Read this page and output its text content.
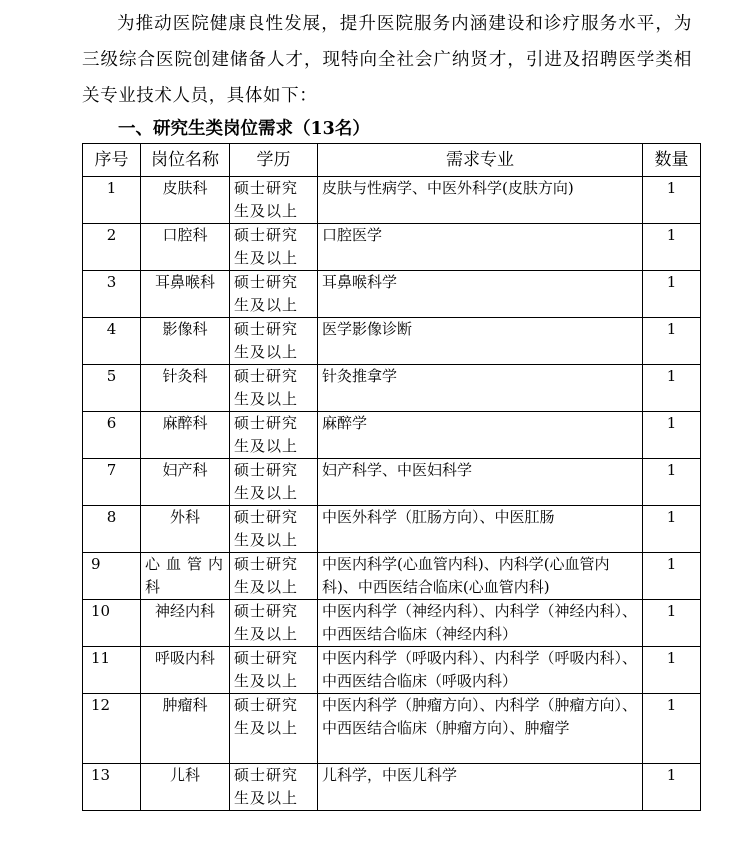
为推动医院健康良性发展，提升医院服务内涵建设和诊疗服务水平，为三级综合医院创建储备人才，现特向全社会广纳贤才，引进及招聘医学类相关专业技术人员，具体如下：

一、研究生类岗位需求（13名）
序号	岗位名称	学历	需求专业	数量
1	皮肤科	硕士研究生及以上	皮肤与性病学、中医外科学(皮肤方向)	1
2	口腔科	硕士研究生及以上	口腔医学	1
3	耳鼻喉科	硕士研究生及以上	耳鼻喉科学	1
4	影像科	硕士研究生及以上	医学影像诊断	1
5	针灸科	硕士研究生及以上	针灸推拿学	1
6	麻醉科	硕士研究生及以上	麻醉学	1
7	妇产科	硕士研究生及以上	妇产科学、中医妇科学	1
8	外科	硕士研究生及以上	中医外科学（肛肠方向）、中医肛肠	1
9	心血管内科	硕士研究生及以上	中医内科学(心血管内科)、内科学(心血管内科)、中西医结合临床(心血管内科)	1
10	神经内科	硕士研究生及以上	中医内科学（神经内科）、内科学（神经内科）、中西医结合临床（神经内科）	1
11	呼吸内科	硕士研究生及以上	中医内科学（呼吸内科）、内科学（呼吸内科）、中西医结合临床（呼吸内科）	1
12	肿瘤科	硕士研究生及以上	中医内科学（肿瘤方向）、内科学（肿瘤方向）、中西医结合临床（肿瘤方向）、肿瘤学	1
13	儿科	硕士研究生及以上	儿科学，中医儿科学	1
